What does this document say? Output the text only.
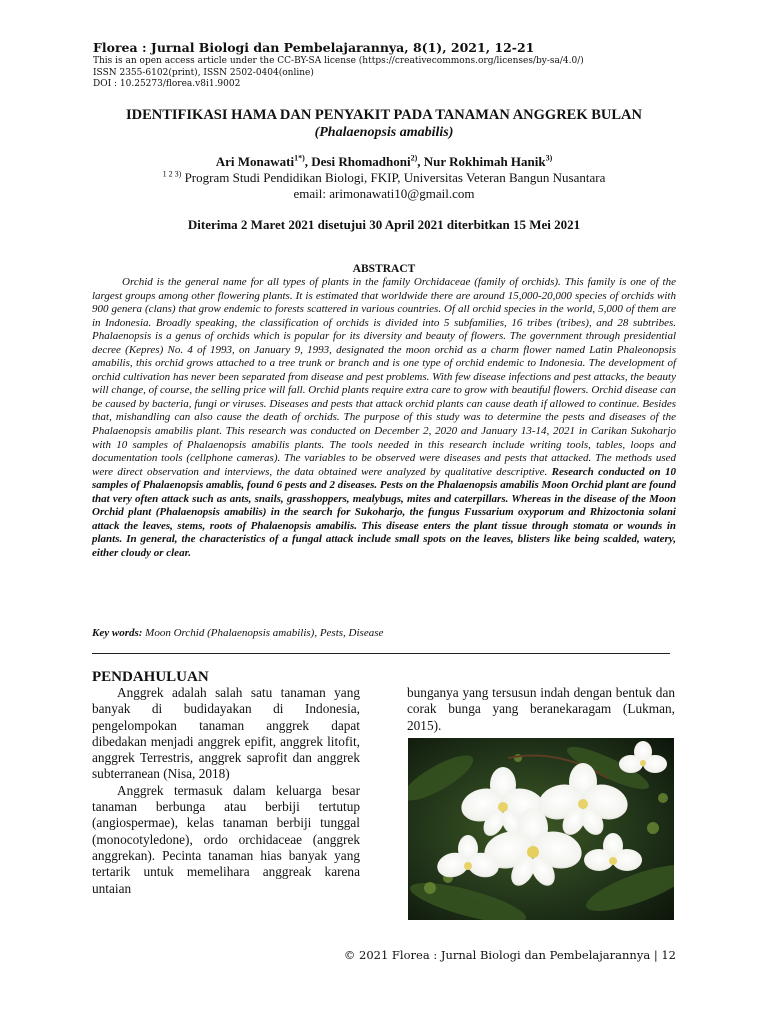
Florea : Jurnal Biologi dan Pembelajarannya, 8(1), 2021, 12-21
This is an open access article under the CC-BY-SA license (https://creativecommons.org/licenses/by-sa/4.0/)
ISSN 2355-6102(print), ISSN 2502-0404(online)
DOI : 10.25273/florea.v8i1.9002
IDENTIFIKASI HAMA DAN PENYAKIT PADA TANAMAN ANGGREK BULAN
(Phalaenopsis amabilis)
Ari Monawati$^{1*)}$, Desi Rhomadhoni$^{2)}$, Nur Rokhimah Hanik$^{3)}$
$^{1 2 3)}$ Program Studi Pendidikan Biologi, FKIP, Universitas Veteran Bangun Nusantara
email: arimonawati10@gmail.com
Diterima 2 Maret 2021 disetujui 30 April 2021 diterbitkan 15 Mei 2021
ABSTRACT

Orchid is the general name for all types of plants in the family Orchidaceae (family of orchids). This family is one of the largest groups among other flowering plants. It is estimated that worldwide there are around 15,000-20,000 species of orchids with 900 genera (clans) that grow endemic to forests scattered in various countries. Of all orchid species in the world, 5,000 of them are in Indonesia. Broadly speaking, the classification of orchids is divided into 5 subfamilies, 16 tribes (tribes), and 28 subtribes. Phalaenopsis is a genus of orchids which is popular for its diversity and beauty of flowers. The government through presidential decree (Kepres) No. 4 of 1993, on January 9, 1993, designated the moon orchid as a charm flower named Latin Phaleonopsis amabilis, this orchid grows attached to a tree trunk or branch and is one type of orchid endemic to Indonesia. The development of orchid cultivation has never been separated from disease and pest problems. With few disease infections and pest attacks, the beauty will change, of course, the selling price will fall. Orchid plants require extra care to grow with beautiful flowers. Orchid disease can be caused by bacteria, fungi or viruses. Diseases and pests that attack orchid plants can cause death if allowed to continue. Besides that, mishandling can also cause the death of orchids. The purpose of this study was to determine the pests and diseases of the Phalaenopsis amabilis plant. This research was conducted on December 2, 2020 and January 13-14, 2021 in Carikan Sukoharjo with 10 samples of Phalaenopsis amabilis plants. The tools needed in this research include writing tools, tables, loops and documentation tools (cellphone cameras). The variables to be observed were diseases and pests that attacked. The methods used were direct observation and interviews, the data obtained were analyzed by qualitative descriptive. Research conducted on 10 samples of Phalaenopsis amablis, found 6 pests and 2 diseases. Pests on the Phalaenopsis amabilis Moon Orchid plant are found that very often attack such as ants, snails, grasshoppers, mealybugs, mites and caterpillars. Whereas in the disease of the Moon Orchid plant (Phalaenopsis amabilis) in the search for Sukoharjo, the fungus Fussarium oxyporum and Rhizoctonia solani attack the leaves, stems, roots of Phalaenopsis amabilis. This disease enters the plant tissue through stomata or wounds in plants. In general, the characteristics of a fungal attack include small spots on the leaves, blisters like being scalded, watery, either cloudy or clear.

Key words: Moon Orchid (Phalaenopsis amabilis), Pests, Disease
PENDAHULUAN

Anggrek adalah salah satu tanaman yang banyak di budidayakan di Indonesia, pengelompokan tanaman anggrek dapat dibedakan menjadi anggrek epifit, anggrek litofit, anggrek Terrestris, anggrek saprofit dan anggrek subterranean (Nisa, 2018)

Anggrek termasuk dalam keluarga besar tanaman berbunga atau berbiji tertutup (angiospermae), kelas tanaman berbiji tunggal (monocotyledone), ordo orchidaceae (anggrek anggrekan). Pecinta tanaman hias banyak yang tertarik untuk memelihara anggreak karena untaian

bunganya yang tersusun indah dengan bentuk dan corak bunga yang beranekaragam (Lukman, 2015).

© 2021 Florea : Jurnal Biologi dan Pembelajarannya | 12
